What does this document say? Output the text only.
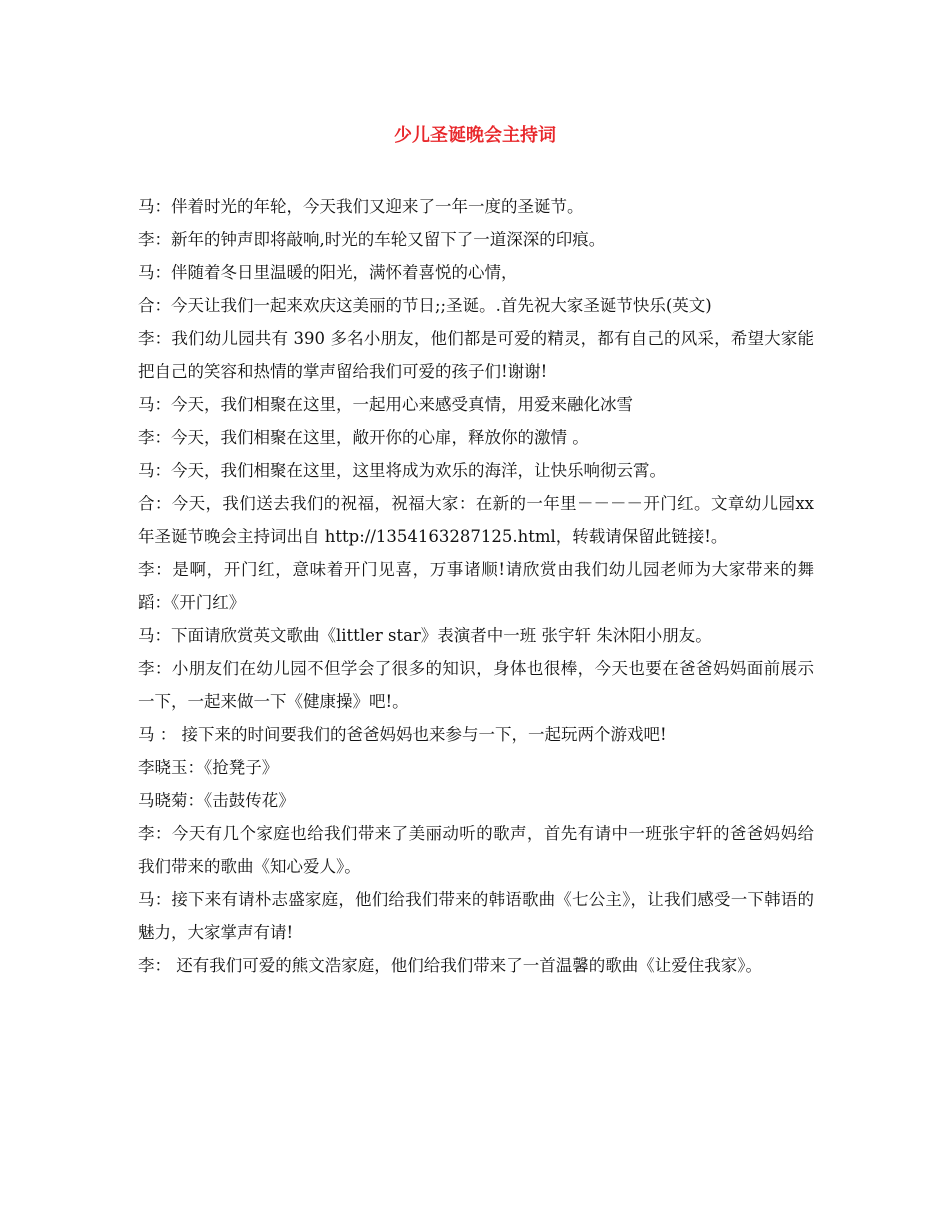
少儿圣诞晚会主持词

马：伴着时光的年轮，今天我们又迎来了一年一度的圣诞节。

李：新年的钟声即将敲响,时光的车轮又留下了一道深深的印痕。

马：伴随着冬日里温暖的阳光，满怀着喜悦的心情，

合：今天让我们一起来欢庆这美丽的节日;;圣诞。.首先祝大家圣诞节快乐(英文)

李：我们幼儿园共有 390 多名小朋友，他们都是可爱的精灵，都有自己的风采，希望大家能把自己的笑容和热情的掌声留给我们可爱的孩子们!谢谢!

马：今天，我们相聚在这里，一起用心来感受真情，用爱来融化冰雪

李：今天，我们相聚在这里，敞开你的心扉，释放你的激情 。

马：今天，我们相聚在这里，这里将成为欢乐的海洋，让快乐响彻云霄。

合：今天，我们送去我们的祝福，祝福大家：在新的一年里－－－－开门红。文章幼儿园xx年圣诞节晚会主持词出自 http://1354163287125.html，转载请保留此链接!。

李：是啊，开门红，意味着开门见喜，万事诸顺!请欣赏由我们幼儿园老师为大家带来的舞蹈：《开门红》

马：下面请欣赏英文歌曲《littler star》表演者中一班 张宇轩 朱沐阳小朋友。

李：小朋友们在幼儿园不但学会了很多的知识，身体也很棒，今天也要在爸爸妈妈面前展示一下，一起来做一下《健康操》吧!。

马 ： 接下来的时间要我们的爸爸妈妈也来参与一下，一起玩两个游戏吧!

李晓玉：《抢凳子》

马晓菊：《击鼓传花》

李：今天有几个家庭也给我们带来了美丽动听的歌声，首先有请中一班张宇轩的爸爸妈妈给我们带来的歌曲《知心爱人》。

马：接下来有请朴志盛家庭，他们给我们带来的韩语歌曲《七公主》，让我们感受一下韩语的魅力，大家掌声有请!

李： 还有我们可爱的熊文浩家庭，他们给我们带来了一首温馨的歌曲《让爱住我家》。
